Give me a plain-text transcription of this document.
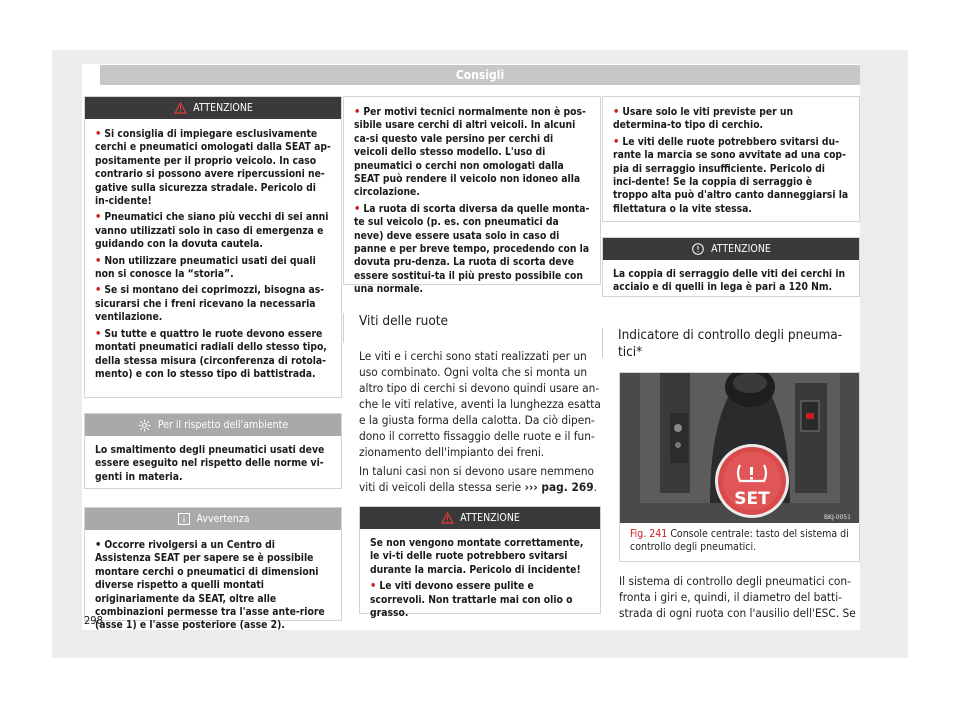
Consigli
ATTENZIONE
• Si consiglia di impiegare esclusivamente cerchi e pneumatici omologati dalla SEAT ap-positamente per il proprio veicolo. In caso contrario si possono avere ripercussioni ne-gative sulla sicurezza stradale. Pericolo di in-cidente!
• Pneumatici che siano più vecchi di sei anni vanno utilizzati solo in caso di emergenza e guidando con la dovuta cautela.
• Non utilizzare pneumatici usati dei quali non si conosce la “storia”.
• Se si montano dei coprimozzi, bisogna as-sicurarsi che i freni ricevano la necessaria ventilazione.
• Su tutte e quattro le ruote devono essere montati pneumatici radiali dello stesso tipo, della stessa misura (circonferenza di rotola-mento) e con lo stesso tipo di battistrada.
Per il rispetto dell'ambiente
Lo smaltimento degli pneumatici usati deve essere eseguito nel rispetto delle norme vi-genti in materia.
Avvertenza
• Occorre rivolgersi a un Centro di Assistenza SEAT per sapere se è possibile montare cerchi o pneumatici di dimensioni diverse rispetto a quelli montati originariamente da SEAT, oltre alle combinazioni permesse tra l'asse ante-riore (asse 1) e l'asse posteriore (asse 2).
• Per motivi tecnici normalmente non è pos-sibile usare cerchi di altri veicoli. In alcuni ca-si questo vale persino per cerchi di veicoli dello stesso modello. L'uso di pneumatici o cerchi non omologati dalla SEAT può rendere il veicolo non idoneo alla circolazione.
• La ruota di scorta diversa da quelle monta-te sul veicolo (p. es. con pneumatici da neve) deve essere usata solo in caso di panne e per breve tempo, procedendo con la dovuta pru-denza. La ruota di scorta deve essere sostitui-ta il più presto possibile con una normale.
Viti delle ruote

Le viti e i cerchi sono stati realizzati per un uso combinato. Ogni volta che si monta un altro tipo di cerchi si devono quindi usare an-che le viti relative, aventi la lunghezza esatta e la giusta forma della calotta. Da ciò dipen-dono il corretto fissaggio delle ruote e il fun-zionamento dell'impianto dei freni.

In taluni casi non si devono usare nemmeno viti di veicoli della stessa serie ››› pag. 269.

ATTENZIONE

Se non vengono montate correttamente, le vi-ti delle ruote potrebbero svitarsi durante la marcia. Pericolo di incidente!

• Le viti devono essere pulite e scorrevoli. Non trattarle mai con olio o grasso.
• Usare solo le viti previste per un determina-to tipo di cerchio.
• Le viti delle ruote potrebbero svitarsi du-rante la marcia se sono avvitate ad una cop-pia di serraggio insufficiente. Pericolo di inci-dente! Se la coppia di serraggio è troppo alta può d'altro canto danneggiarsi la filettatura o la vite stessa.
ATTENZIONE
La coppia di serraggio delle viti dei cerchi in acciaio e di quelli in lega è pari a 120 Nm.
Indicatore di controllo degli pneuma-tici*
SET
BKJ-0051
Fig. 241 Console centrale: tasto del sistema di controllo degli pneumatici.

Il sistema di controllo degli pneumatici con-fronta i giri e, quindi, il diametro del batti-strada di ogni ruota con l'ausilio dell'ESC. Se

298
